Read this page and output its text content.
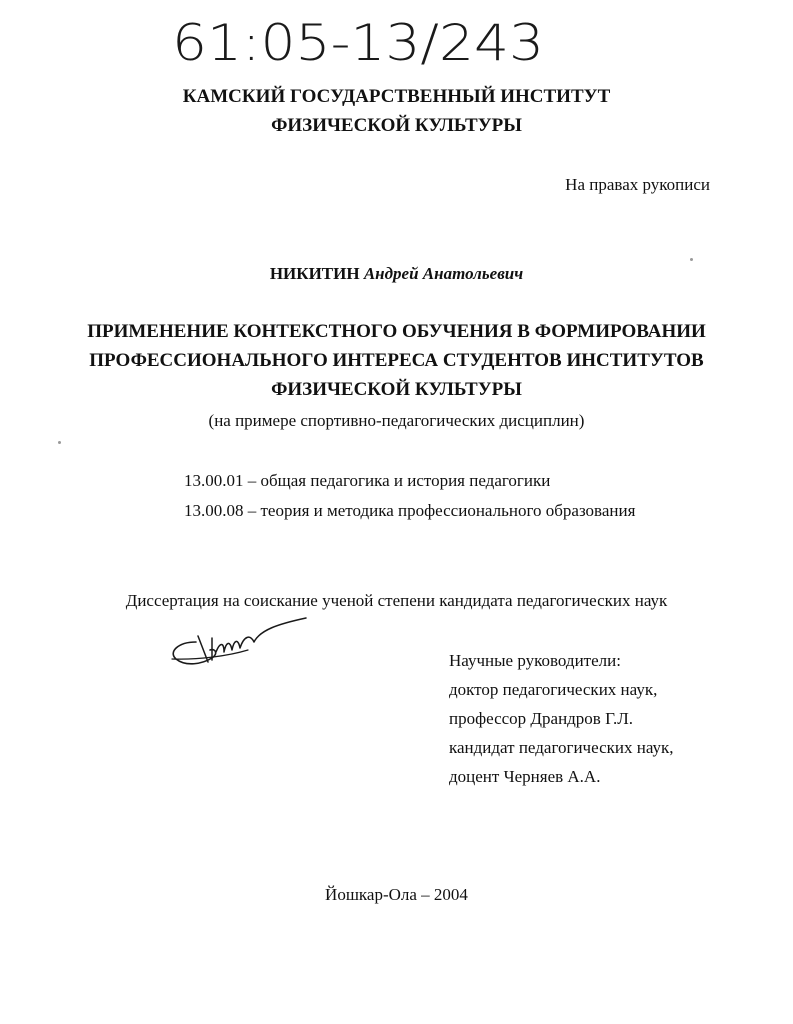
61:05-13/243
КАМСКИЙ ГОСУДАРСТВЕННЫЙ ИНСТИТУТ
ФИЗИЧЕСКОЙ КУЛЬТУРЫ
На правах рукописи
НИКИТИН Андрей Анатольевич
ПРИМЕНЕНИЕ КОНТЕКСТНОГО ОБУЧЕНИЯ В ФОРМИРОВАНИИ
ПРОФЕССИОНАЛЬНОГО ИНТЕРЕСА СТУДЕНТОВ ИНСТИТУТОВ
ФИЗИЧЕСКОЙ КУЛЬТУРЫ
(на примере спортивно-педагогических дисциплин)
13.00.01 – общая педагогика и история педагогики
13.00.08 – теория и методика профессионального образования
Диссертация на соискание ученой степени кандидата педагогических наук
Научные руководители:
доктор педагогических наук,
профессор Драндров Г.Л.
кандидат педагогических наук,
доцент Черняев А.А.
Йошкар-Ола – 2004
